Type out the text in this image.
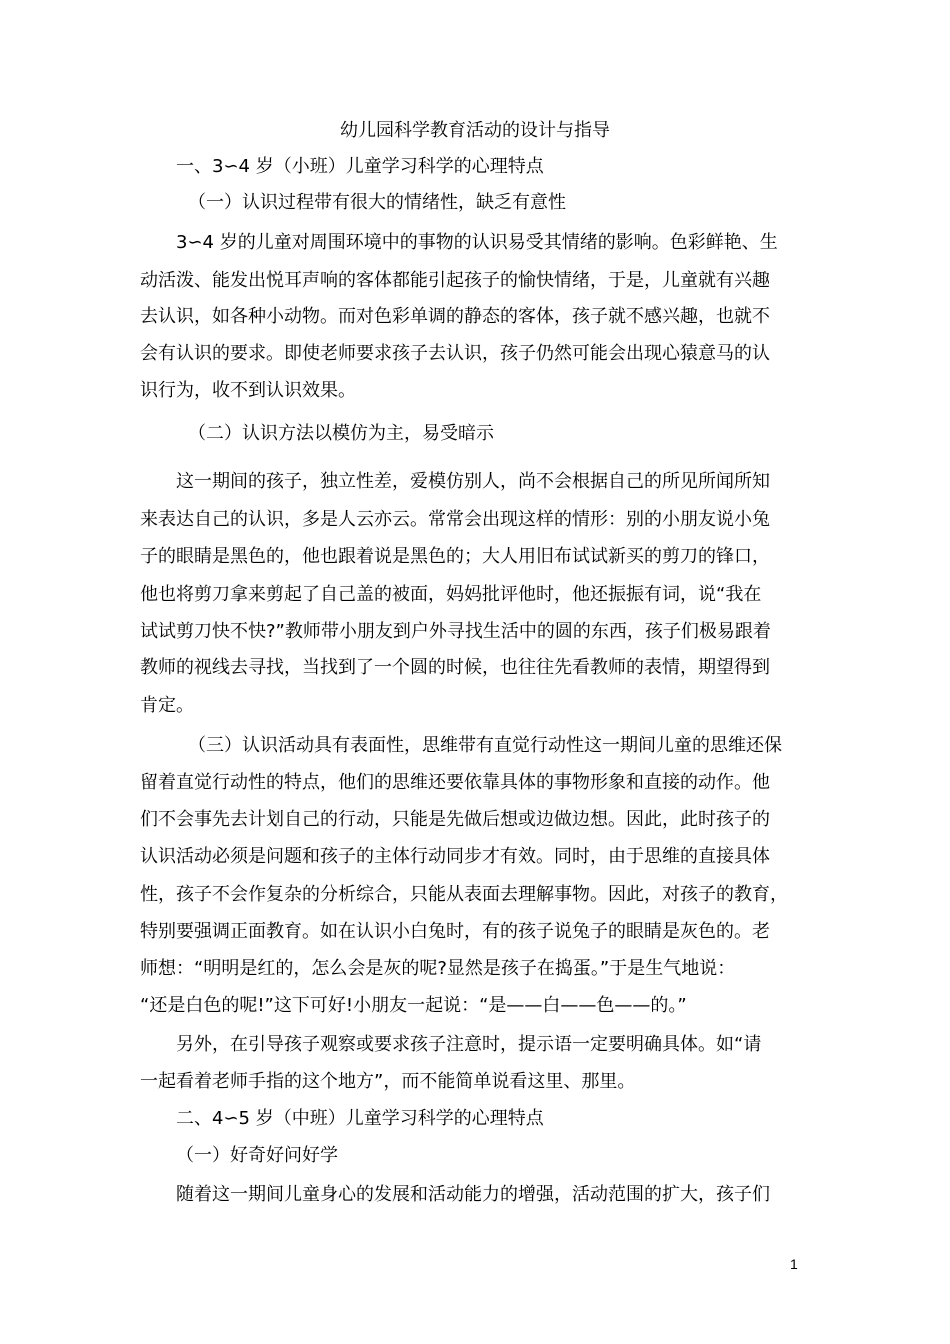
幼儿园科学教育活动的设计与指导
一、3∽4 岁（小班）儿童学习科学的心理特点
（一）认识过程带有很大的情绪性，缺乏有意性
3∽4 岁的儿童对周围环境中的事物的认识易受其情绪的影响。色彩鲜艳、生
动活泼、能发出悦耳声响的客体都能引起孩子的愉快情绪，于是，儿童就有兴趣
去认识，如各种小动物。而对色彩单调的静态的客体，孩子就不感兴趣，也就不
会有认识的要求。即使老师要求孩子去认识，孩子仍然可能会出现心猿意马的认
识行为，收不到认识效果。
（二）认识方法以模仿为主，易受暗示
这一期间的孩子，独立性差，爱模仿别人，尚不会根据自己的所见所闻所知
来表达自己的认识，多是人云亦云。常常会出现这样的情形：别的小朋友说小兔
子的眼睛是黑色的，他也跟着说是黑色的；大人用旧布试试新买的剪刀的锋口，
他也将剪刀拿来剪起了自己盖的被面，妈妈批评他时，他还振振有词，说“我在
试试剪刀快不快?”教师带小朋友到户外寻找生活中的圆的东西，孩子们极易跟着
教师的视线去寻找，当找到了一个圆的时候，也往往先看教师的表情，期望得到
肯定。
（三）认识活动具有表面性，思维带有直觉行动性这一期间儿童的思维还保
留着直觉行动性的特点，他们的思维还要依靠具体的事物形象和直接的动作。他
们不会事先去计划自己的行动，只能是先做后想或边做边想。因此，此时孩子的
认识活动必须是问题和孩子的主体行动同步才有效。同时，由于思维的直接具体
性，孩子不会作复杂的分析综合，只能从表面去理解事物。因此，对孩子的教育，
特别要强调正面教育。如在认识小白兔时，有的孩子说兔子的眼睛是灰色的。老
师想：“明明是红的，怎么会是灰的呢?显然是孩子在捣蛋。”于是生气地说：
“还是白色的呢!”这下可好!小朋友一起说：“是——白——色——的。”
另外，在引导孩子观察或要求孩子注意时，提示语一定要明确具体。如“请
一起看着老师手指的这个地方”，而不能简单说看这里、那里。
二、4∽5 岁（中班）儿童学习科学的心理特点
（一）好奇好问好学
随着这一期间儿童身心的发展和活动能力的增强，活动范围的扩大，孩子们
1
